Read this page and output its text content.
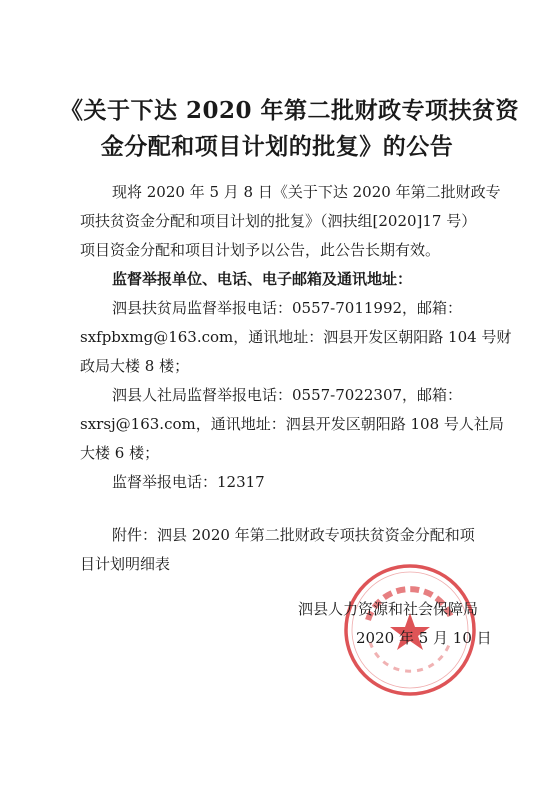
《关于下达 2020 年第二批财政专项扶贫资
金分配和项目计划的批复》的公告
现将 2020 年 5 月 8 日《关于下达 2020 年第二批财政专
项扶贫资金分配和项目计划的批复》（泗扶组[2020]17 号）
项目资金分配和项目计划予以公告，此公告长期有效。
监督举报单位、电话、电子邮箱及通讯地址：
泗县扶贫局监督举报电话：0557-7011992，邮箱：
sxfpbxmg@163.com，通讯地址：泗县开发区朝阳路 104 号财
政局大楼 8 楼；
泗县人社局监督举报电话：0557-7022307，邮箱：
sxrsj@163.com，通讯地址：泗县开发区朝阳路 108 号人社局
大楼 6 楼；
监督举报电话：12317
附件：泗县 2020 年第二批财政专项扶贫资金分配和项
目计划明细表
泗县人力资源和社会保障局
2020 年 5 月 10 日
